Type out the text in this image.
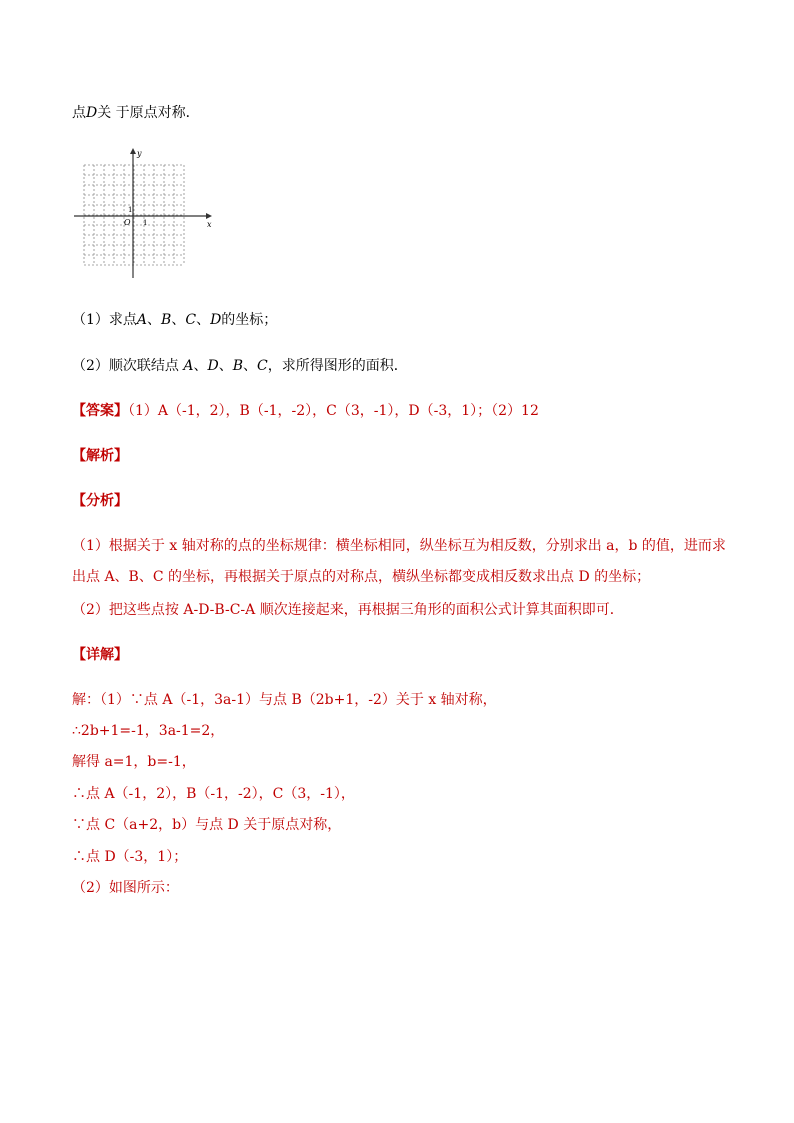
点D关 于原点对称．
x
y
O 1
1
（1）求点A、B、C、D的坐标；
（2）顺次联结点 A、D、B、C，求所得图形的面积．
【答案】（1）A（-1，2），B（-1，-2），C（3，-1），D（-3，1）；（2）12
【解析】
【分析】
（1）根据关于 x 轴对称的点的坐标规律：横坐标相同，纵坐标互为相反数，分别求出 a，b 的值，进而求
出点 A、B、C 的坐标，再根据关于原点的对称点，横纵坐标都变成相反数求出点 D 的坐标；
（2）把这些点按 A-D-B-C-A 顺次连接起来，再根据三角形的面积公式计算其面积即可．
【详解】
解：（1）∵点 A（-1，3a-1）与点 B（2b+1，-2）关于 x 轴对称，
∴2b+1=-1，3a-1=2，
解得 a=1，b=-1，
∴点 A（-1，2），B（-1，-2），C（3，-1），
∵点 C（a+2，b）与点 D 关于原点对称，
∴点 D（-3，1）；
（2）如图所示：
